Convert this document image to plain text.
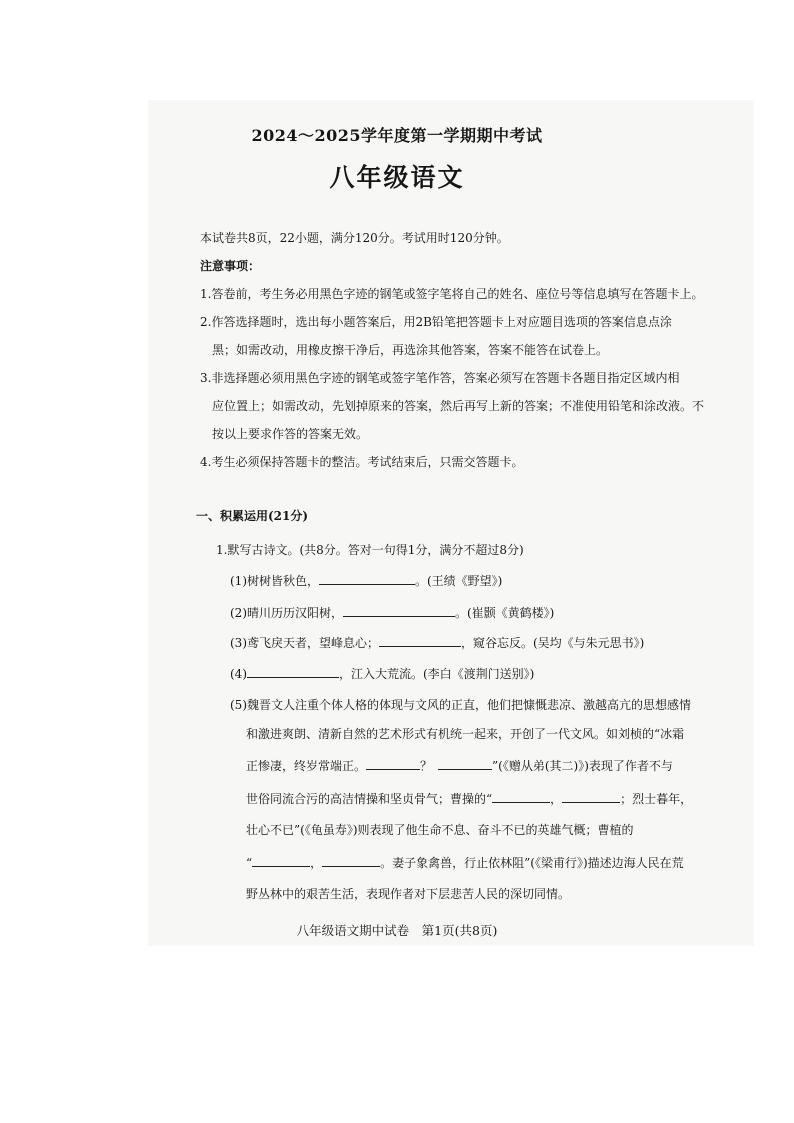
2024～2025学年度第一学期期中考试
八年级语文
本试卷共8页，22小题，满分120分。考试用时120分钟。
注意事项：
1.答卷前，考生务必用黑色字迹的钢笔或签字笔将自己的姓名、座位号等信息填写在答题卡上。
2.作答选择题时，选出每小题答案后，用2B铅笔把答题卡上对应题目选项的答案信息点涂
黑；如需改动，用橡皮擦干净后，再选涂其他答案，答案不能答在试卷上。
3.非选择题必须用黑色字迹的钢笔或签字笔作答，答案必须写在答题卡各题目指定区域内相
应位置上；如需改动，先划掉原来的答案，然后再写上新的答案；不准使用铅笔和涂改液。不
按以上要求作答的答案无效。
4.考生必须保持答题卡的整洁。考试结束后，只需交答题卡。
一、积累运用(21分)
1.默写古诗文。(共8分。答对一句得1分，满分不超过8分)
(1)树树皆秋色，	。(王绩《野望》)
(2)晴川历历汉阳树，	。(崔颢《黄鹤楼》)
(3)鸢飞戾天者，望峰息心；	，窥谷忘反。(吴均《与朱元思书》)
(4)	，江入大荒流。(李白《渡荆门送别》)
(5)魏晋文人注重个体人格的体现与文风的正直，他们把慷慨悲凉、激越高亢的思想感情
和激进爽朗、清新自然的艺术形式有机统一起来，开创了一代文风。如刘桢的“冰霜
正惨凄，终岁常端正。	？	”(《赠从弟(其二)》)表现了作者不与
世俗同流合污的高洁情操和坚贞骨气；曹操的“	，	；烈士暮年，
壮心不已”(《龟虽寿》)则表现了他生命不息、奋斗不已的英雄气概；曹植的
“	，	。妻子象禽兽，行止依林阻”(《梁甫行》)描述边海人民在荒
野丛林中的艰苦生活，表现作者对下层悲苦人民的深切同情。
八年级语文期中试卷　第1页(共8页)
